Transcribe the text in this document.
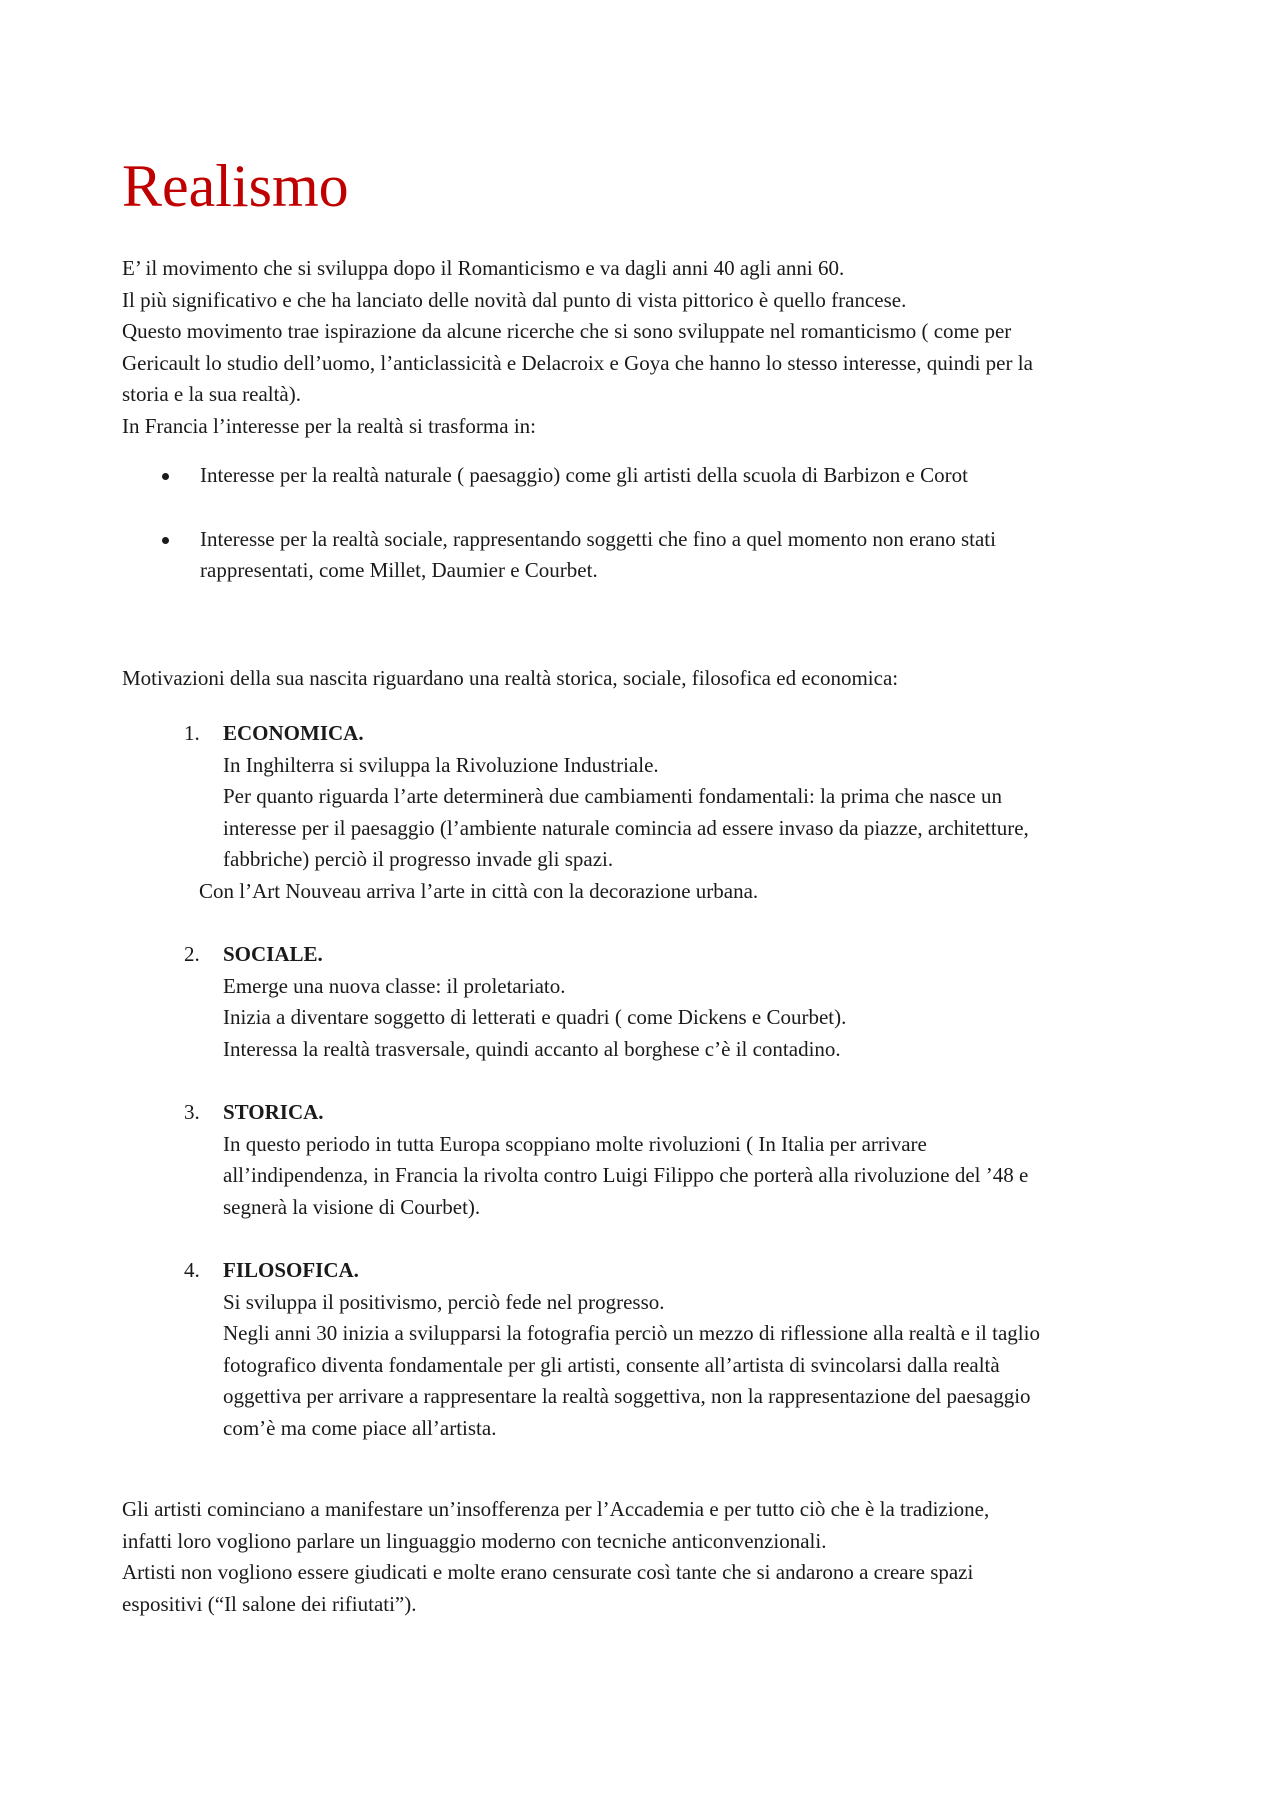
Realismo

E’ il movimento che si sviluppa dopo il Romanticismo e va dagli anni 40 agli anni 60.

Il più significativo e che ha lanciato delle novità dal punto di vista pittorico è quello francese.

Questo movimento trae ispirazione da alcune ricerche che si sono sviluppate nel romanticismo ( come per

Gericault lo studio dell’uomo, l’anticlassicità e Delacroix e Goya che hanno lo stesso interesse, quindi per la

storia e la sua realtà).

In Francia l’interesse per la realtà si trasforma in:

Interesse per la realtà naturale ( paesaggio) come gli artisti della scuola di Barbizon e Corot
Interesse per la realtà sociale, rappresentando soggetti che fino a quel momento non erano stati
rappresentati, come Millet, Daumier e Courbet.

Motivazioni della sua nascita riguardano una realtà storica, sociale, filosofica ed economica:

1. ECONOMICA.
In Inghilterra si sviluppa la Rivoluzione Industriale.
Per quanto riguarda l’arte determinerà due cambiamenti fondamentali: la prima che nasce un
interesse per il paesaggio (l’ambiente naturale comincia ad essere invaso da piazze, architetture,
fabbriche) perciò il progresso invade gli spazi.
Con l’Art Nouveau arriva l’arte in città con la decorazione urbana.
2. SOCIALE.
Emerge una nuova classe: il proletariato.
Inizia a diventare soggetto di letterati e quadri ( come Dickens e Courbet).
Interessa la realtà trasversale, quindi accanto al borghese c’è il contadino.
3. STORICA.
In questo periodo in tutta Europa scoppiano molte rivoluzioni ( In Italia per arrivare
all’indipendenza, in Francia la rivolta contro Luigi Filippo che porterà alla rivoluzione del ’48 e
segnerà la visione di Courbet).
4. FILOSOFICA.
Si sviluppa il positivismo, perciò fede nel progresso.
Negli anni 30 inizia a svilupparsi la fotografia perciò un mezzo di riflessione alla realtà e il taglio
fotografico diventa fondamentale per gli artisti, consente all’artista di svincolarsi dalla realtà
oggettiva per arrivare a rappresentare la realtà soggettiva, non la rappresentazione del paesaggio
com’è ma come piace all’artista.

Gli artisti cominciano a manifestare un’insofferenza per l’Accademia e per tutto ciò che è la tradizione,

infatti loro vogliono parlare un linguaggio moderno con tecniche anticonvenzionali.

Artisti non vogliono essere giudicati e molte erano censurate così tante che si andarono a creare spazi

espositivi (“Il salone dei rifiutati”).
